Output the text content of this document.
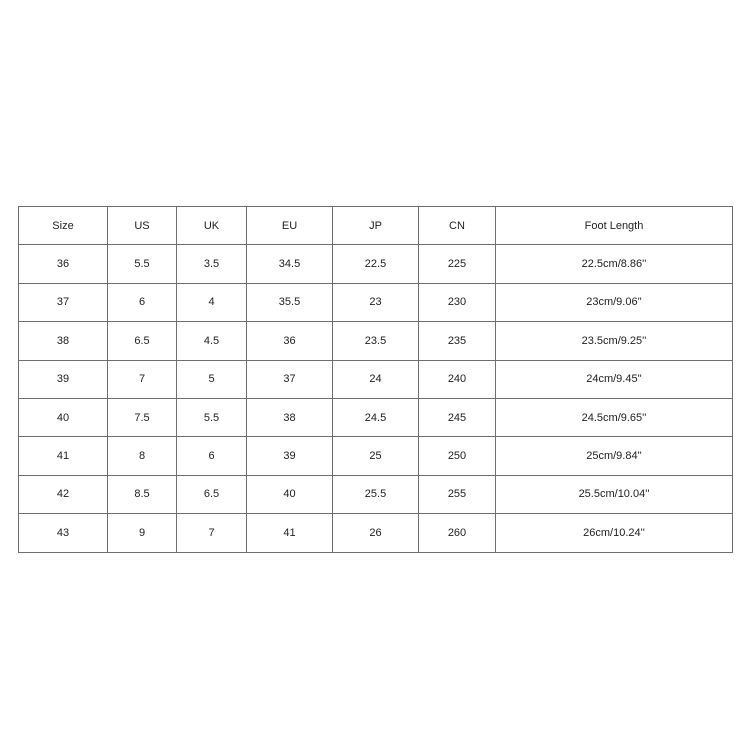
Size	US	UK	EU	JP	CN	Foot Length
36	5.5	3.5	34.5	22.5	225	22.5cm/8.86''
37	6	4	35.5	23	230	23cm/9.06''
38	6.5	4.5	36	23.5	235	23.5cm/9.25''
39	7	5	37	24	240	24cm/9.45''
40	7.5	5.5	38	24.5	245	24.5cm/9.65''
41	8	6	39	25	250	25cm/9.84''
42	8.5	6.5	40	25.5	255	25.5cm/10.04''
43	9	7	41	26	260	26cm/10.24''
